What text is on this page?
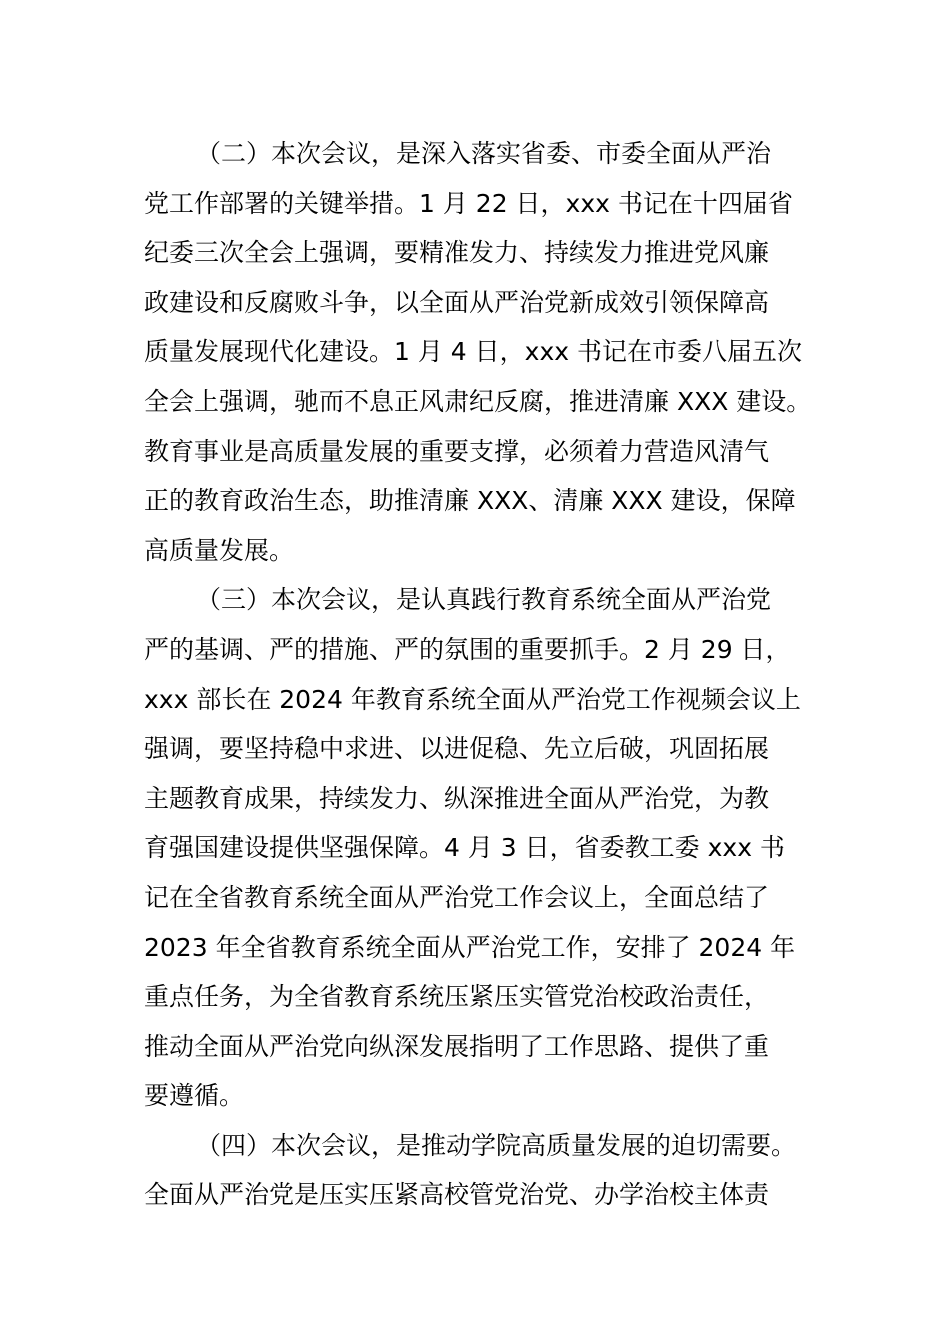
（二）本次会议，是深入落实省委、市委全面从严治
党工作部署的关键举措。1 月 22 日，xxx 书记在十四届省
纪委三次全会上强调，要精准发力、持续发力推进党风廉
政建设和反腐败斗争，以全面从严治党新成效引领保障高
质量发展现代化建设。1 月 4 日，xxx 书记在市委八届五次
全会上强调，驰而不息正风肃纪反腐，推进清廉 XXX 建设。
教育事业是高质量发展的重要支撑，必须着力营造风清气
正的教育政治生态，助推清廉 XXX、清廉 XXX 建设，保障
高质量发展。

（三）本次会议，是认真践行教育系统全面从严治党
严的基调、严的措施、严的氛围的重要抓手。2 月 29 日，
xxx 部长在 2024 年教育系统全面从严治党工作视频会议上
强调，要坚持稳中求进、以进促稳、先立后破，巩固拓展
主题教育成果，持续发力、纵深推进全面从严治党，为教
育强国建设提供坚强保障。4 月 3 日，省委教工委 xxx 书
记在全省教育系统全面从严治党工作会议上，全面总结了
2023 年全省教育系统全面从严治党工作，安排了 2024 年
重点任务，为全省教育系统压紧压实管党治校政治责任，
推动全面从严治党向纵深发展指明了工作思路、提供了重
要遵循。

（四）本次会议，是推动学院高质量发展的迫切需要。
全面从严治党是压实压紧高校管党治党、办学治校主体责
